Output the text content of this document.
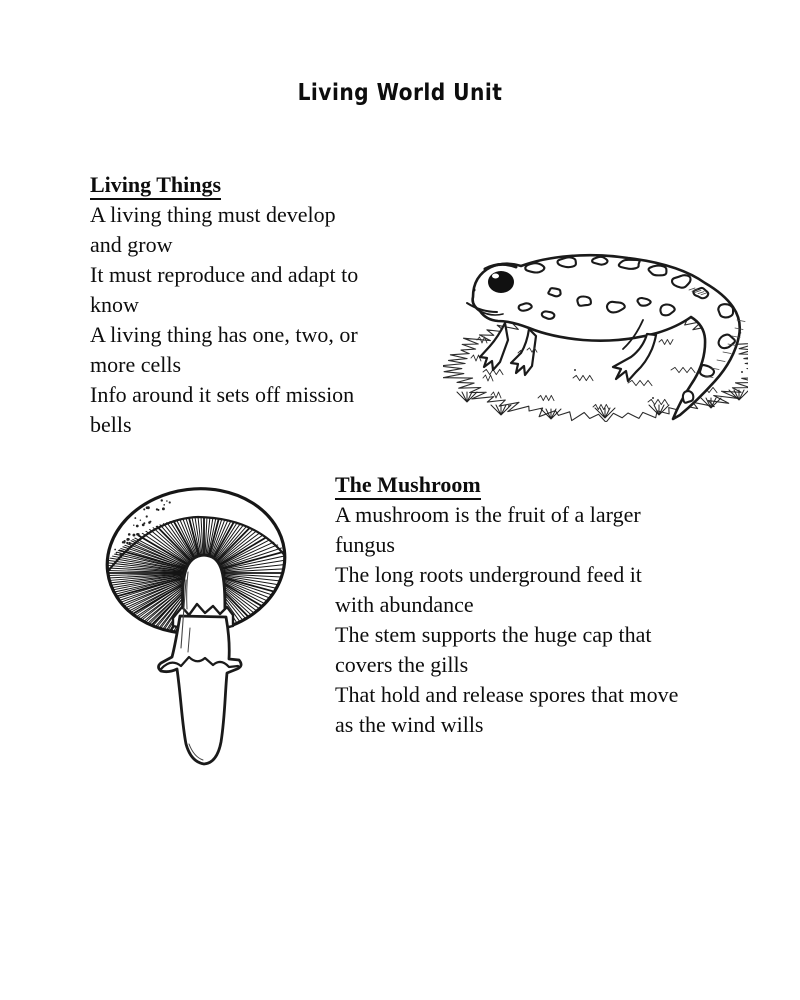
Living World Unit
Living Things
A living thing must develop
and grow
It must reproduce and adapt to
know
A living thing has one, two, or
more cells
Info around it sets off mission
bells
The Mushroom
A mushroom is the fruit of a larger
fungus
The long roots underground feed it
with abundance
The stem supports the huge cap that
covers the gills
That hold and release spores that move
as the wind wills
